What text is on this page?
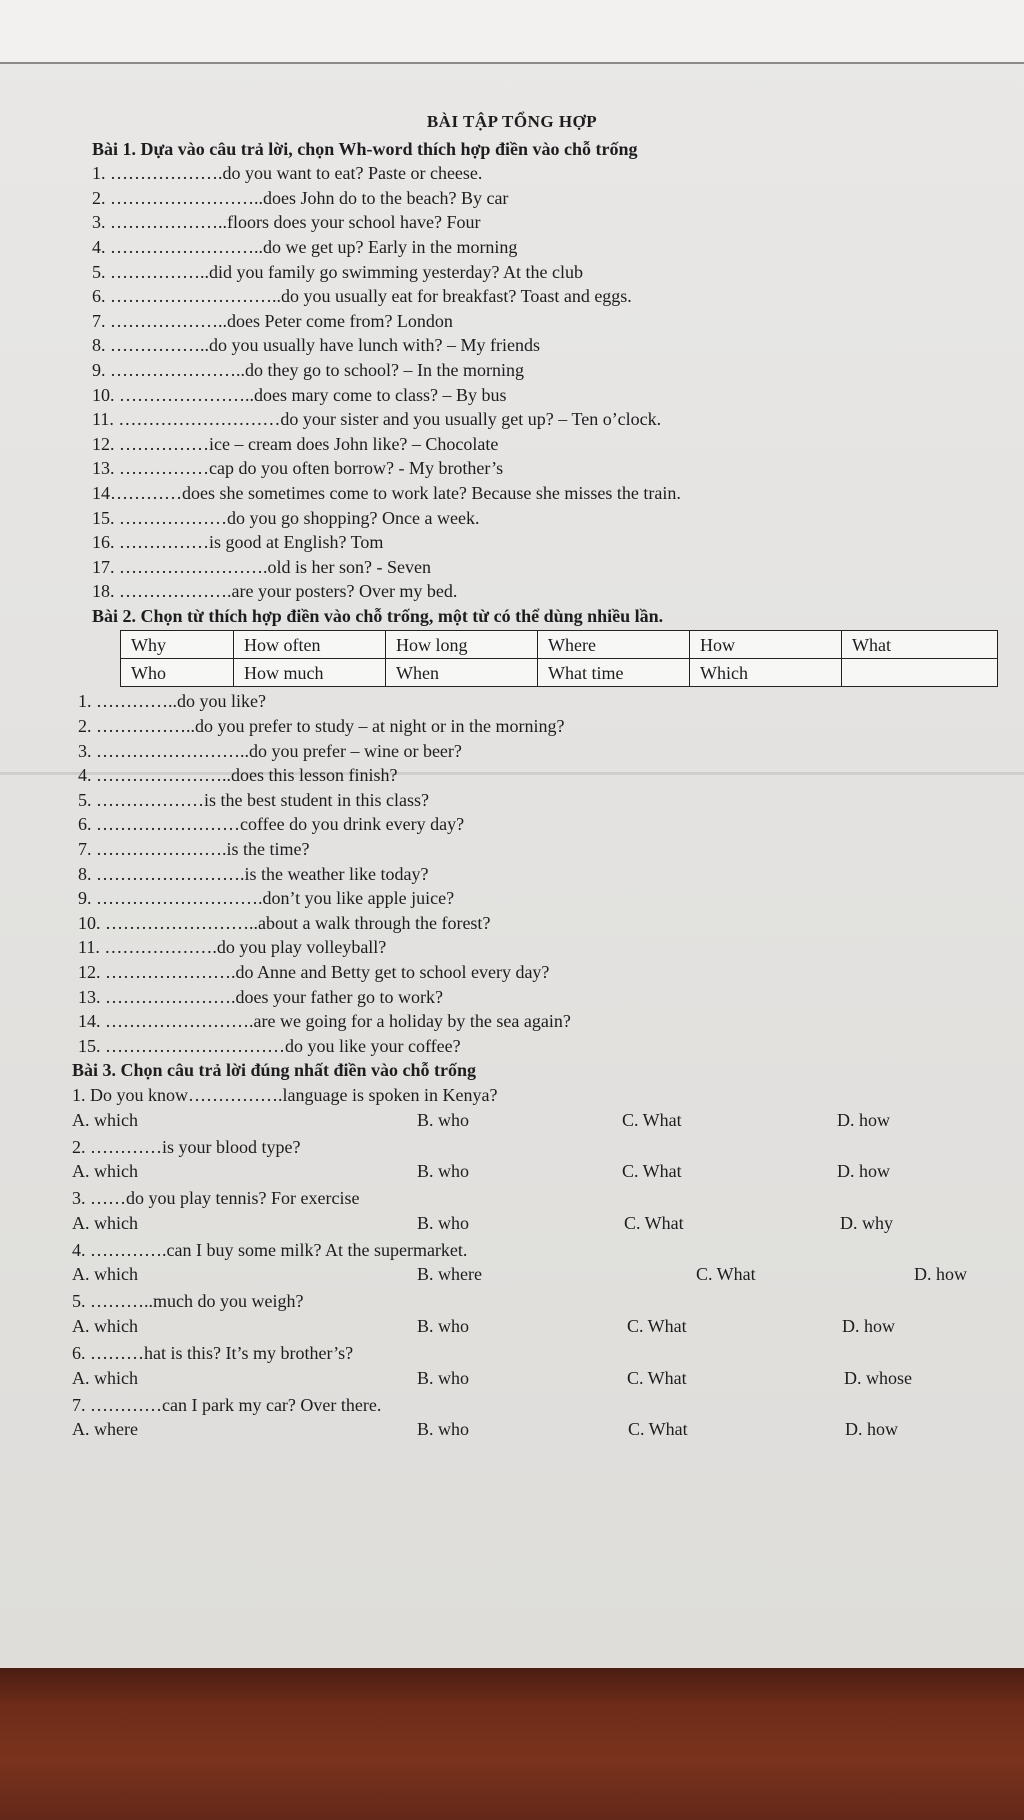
BÀI TẬP TỔNG HỢP
Bài 1. Dựa vào câu trả lời, chọn Wh-word thích hợp điền vào chỗ trống
1. ……………….do you want to eat? Paste or cheese.
2. ……………………..does John do to the beach? By car
3. ………………..floors does your school have? Four
4. ……………………..do we get up? Early in the morning
5. ……………..did you family go swimming yesterday? At the club
6. ………………………..do you usually eat for breakfast? Toast and eggs.
7. ………………..does Peter come from? London
8. ……………..do you usually have lunch with? – My friends
9. …………………..do they go to school? – In the morning
10. …………………..does mary come to class? – By bus
11. ………………………do your sister and you usually get up? – Ten o’clock.
12. ……………ice – cream does John like? – Chocolate
13. ……………cap do you often borrow? - My brother’s
14…………does she sometimes come to work late? Because she misses the train.
15. ………………do you go shopping? Once a week.
16. ……………is good at English? Tom
17. …………………….old is her son? - Seven
18. ……………….are your posters? Over my bed.
Bài 2. Chọn từ thích hợp điền vào chỗ trống, một từ có thể dùng nhiều lần.
Why	How often	How long	Where	How	What
Who	How much	When	What time	Which	
1. …………..do you like?
2. ……………..do you prefer to study – at night or in the morning?
3. ……………………..do you prefer – wine or beer?
4. …………………..does this lesson finish?
5. ………………is the best student in this class?
6. ……………………coffee do you drink every day?
7. ………………….is the time?
8. …………………….is the weather like today?
9. ……………………….don’t you like apple juice?
10. ……………………..about a walk through the forest?
11. ……………….do you play volleyball?
12. ………………….do Anne and Betty get to school every day?
13. ………………….does your father go to work?
14. …………………….are we going for a holiday by the sea again?
15. …………………………do you like your coffee?
Bài 3. Chọn câu trả lời đúng nhất điền vào chỗ trống
1. Do you know…………….language is spoken in Kenya?
A. which	B. who	C. What	D. how
2. …………is your blood type?
A. which	B. who	C. What	D. how
3. ……do you play tennis? For exercise
A. which	B. who	C. What	D. why
4. ………….can I buy some milk? At the supermarket.
A. which	B. where	C. What	D. how
5. ………..much do you weigh?
A. which	B. who	C. What	D. how
6. ………hat is this? It’s my brother’s?
A. which	B. who	C. What	D. whose
7. …………can I park my car? Over there.
A. where	B. who	C. What	D. how
